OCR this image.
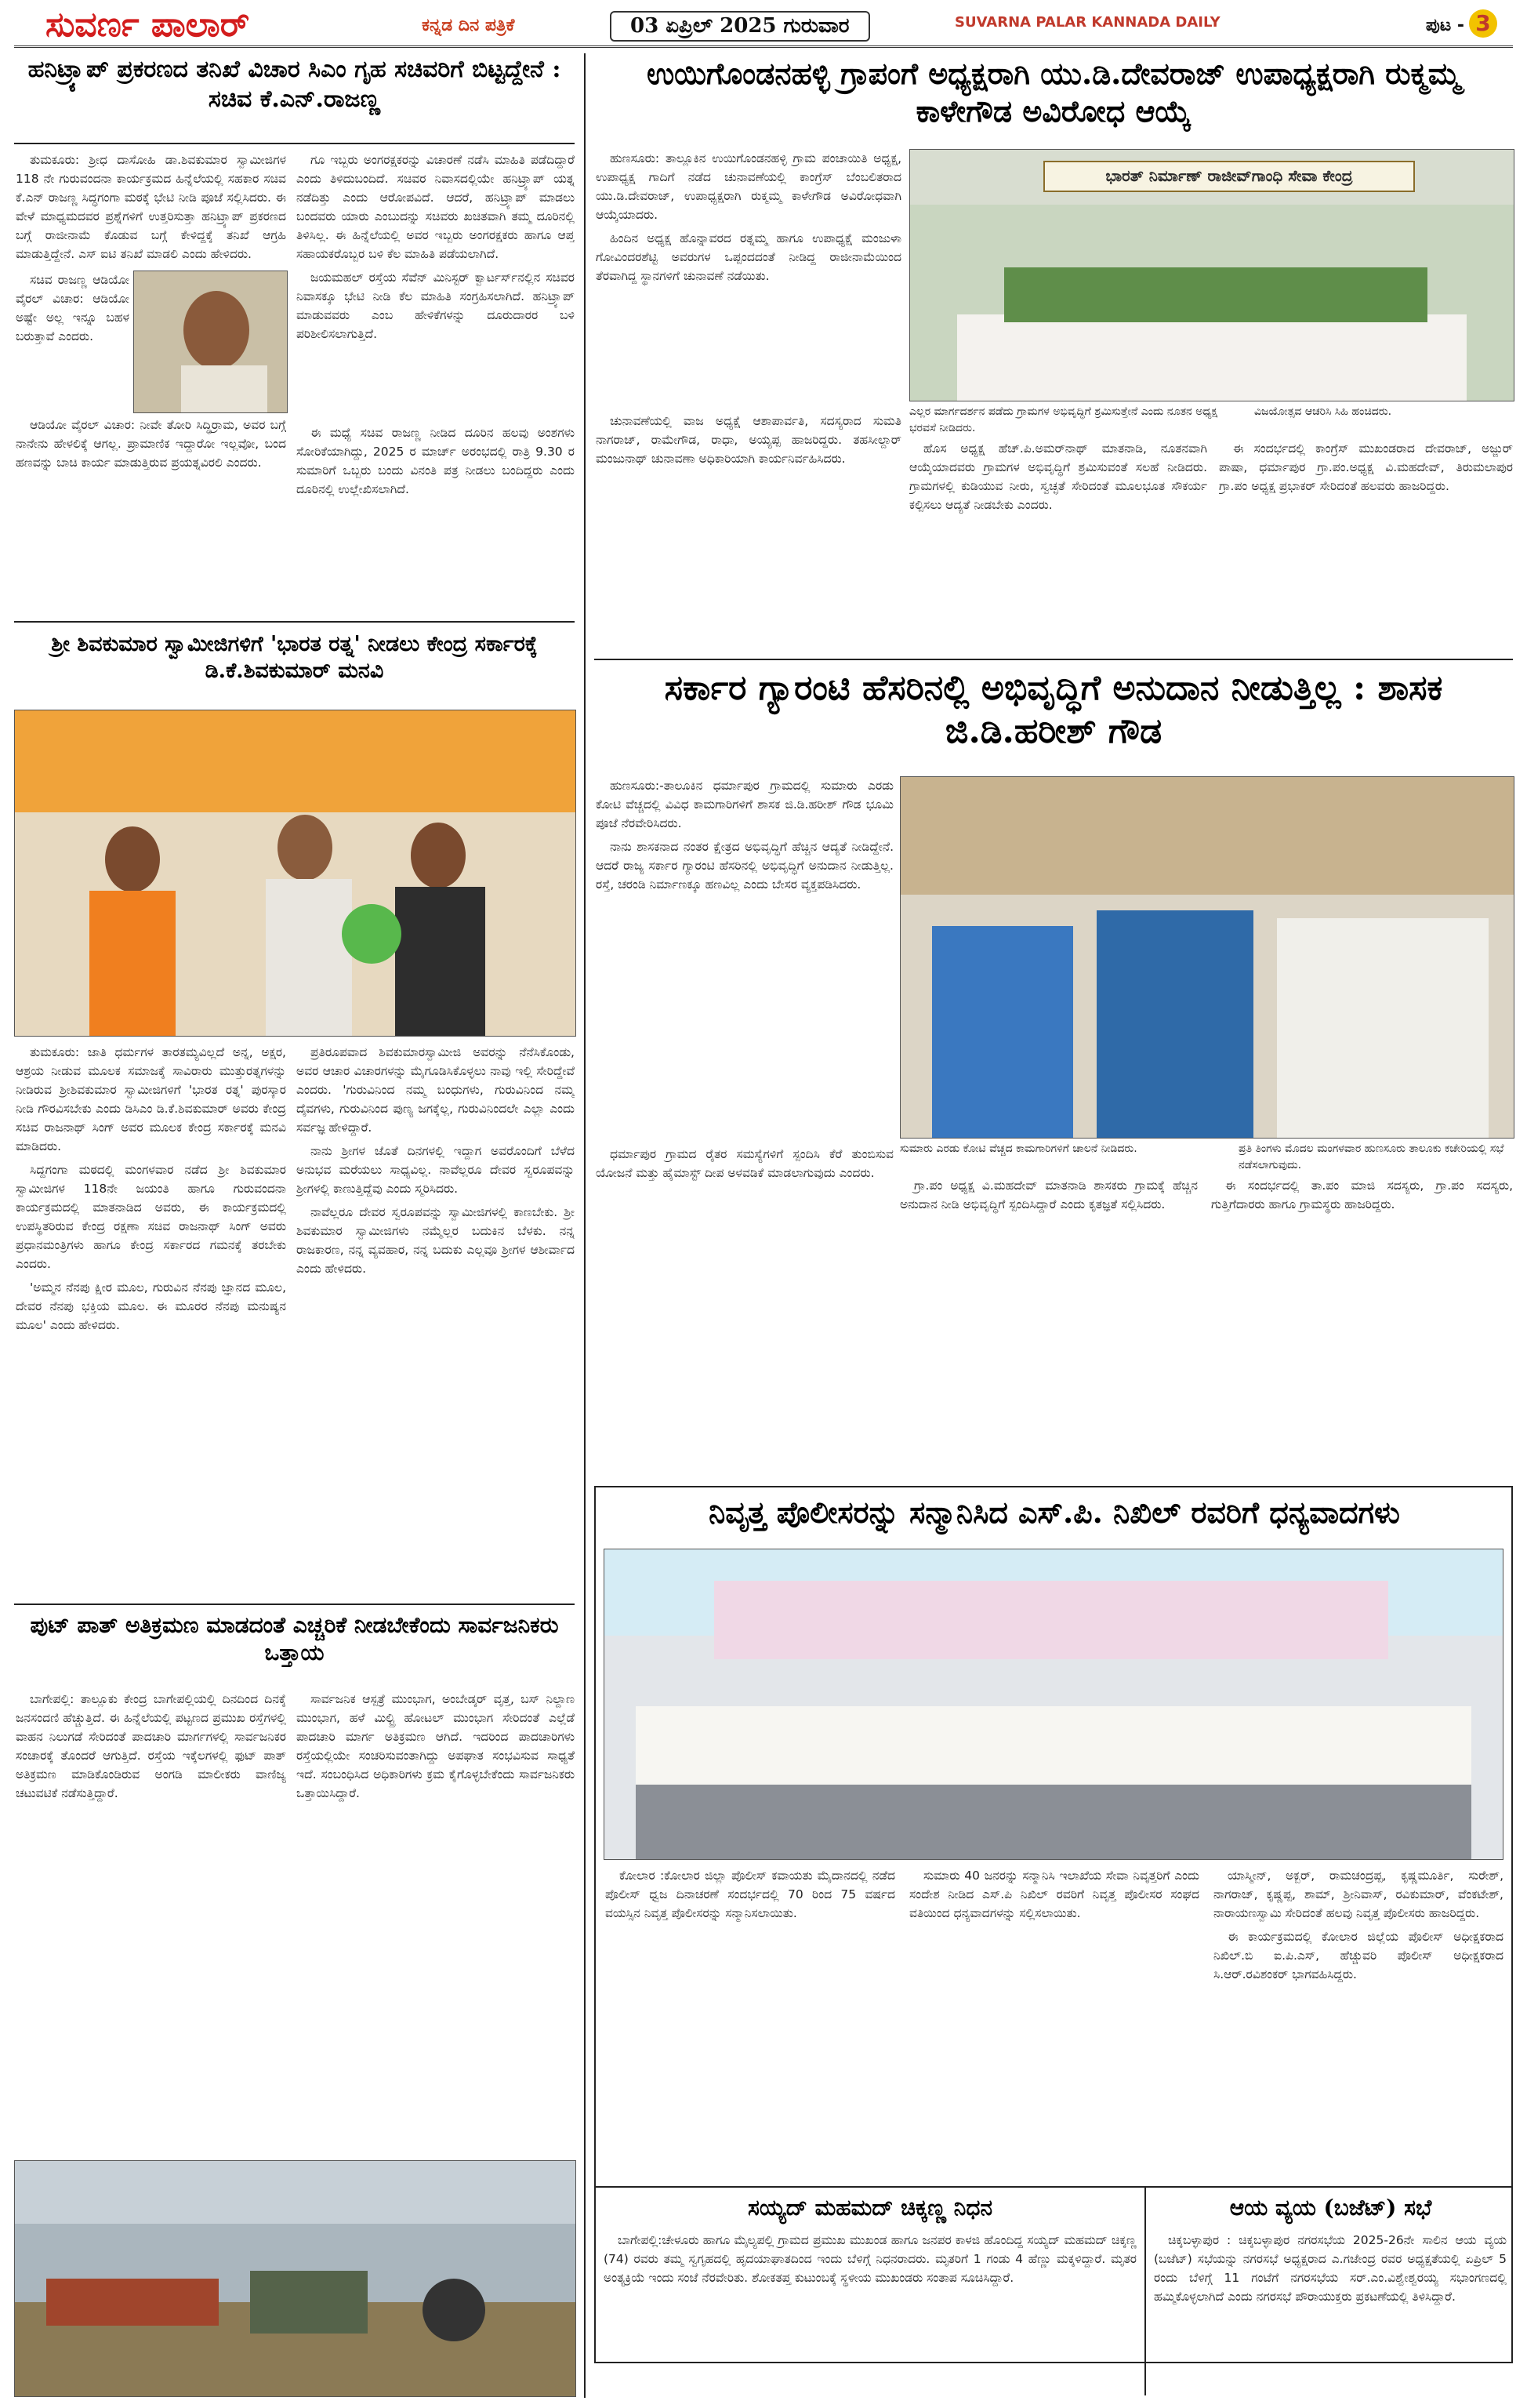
ಸುವರ್ಣ ಪಾಲಾರ್	ಕನ್ನಡ ದಿನ ಪತ್ರಿಕೆ	03 ಏಪ್ರಿಲ್ 2025 ಗುರುವಾರ	SUVARNA PALAR KANNADA DAILY	ಪುಟ - 3
ಹನಿಟ್ರ್ಯಾಪ್ ಪ್ರಕರಣದ ತನಿಖೆ ವಿಚಾರ ಸಿಎಂ ಗೃಹ ಸಚಿವರಿಗೆ ಬಿಟ್ಟದ್ದೇನೆ : ಸಚಿವ ಕೆ.ಎನ್.ರಾಜಣ್ಣ

ತುಮಕೂರು: ಶ್ರೀಧ ದಾಸೋಹಿ ಡಾ.ಶಿವಕುಮಾರ ಸ್ವಾಮೀಜಿಗಳ 118 ನೇ ಗುರುವಂದನಾ ಕಾರ್ಯಕ್ರಮದ ಹಿನ್ನೆಲೆಯಲ್ಲಿ ಸಹಕಾರ ಸಚಿವ ಕೆ.ಎನ್ ರಾಜಣ್ಣ ಸಿದ್ಧಗಂಗಾ ಮಠಕ್ಕೆ ಭೇಟಿ ನೀಡಿ ಪೂಜೆ ಸಲ್ಲಿಸಿದರು. ಈ ವೇಳೆ ಮಾಧ್ಯಮದವರ ಪ್ರಶ್ನೆಗಳಿಗೆ ಉತ್ತರಿಸುತ್ತಾ ಹನಿಟ್ರ್ಯಾಪ್ ಪ್ರಕರಣದ ಬಗ್ಗೆ ರಾಜೀನಾಮೆ ಕೊಡುವ ಬಗ್ಗೆ ಕೇಳಿದ್ದಕ್ಕೆ ತನಿಖೆ ಆಗ್ರಹಿ ಮಾಡುತ್ತಿದ್ದೇನೆ. ಎಸ್ ಐಟಿ ತನಿಖೆ ಮಾಡಲಿ ಎಂದು ಹೇಳಿದರು.

ಸಚಿವ ರಾಜಣ್ಣ ಆಡಿಯೋ ವೈರಲ್ ವಿಚಾರ: ಆಡಿಯೋ ಅಷ್ಟೇ ಅಲ್ಲ ಇನ್ನೂ ಬಹಳ ಬರುತ್ತಾವೆ ಎಂದರು.

ಆಡಿಯೋ ವೈರಲ್ ವಿಚಾರ: ನೀವೇ ತೋರಿ ಸಿದ್ಧಿರ್ರಾಮ, ಅವರ ಬಗ್ಗೆ ನಾನೇನು ಹೇಳಲಿಕ್ಕೆ ಆಗಲ್ಲ. ಪ್ರಾಮಾಣಿಕ ಇದ್ದಾರೋ ಇಲ್ಲವೋ, ಬಂದ ಹಣವನ್ನು ಬಾಚಿ ಕಾರ್ಯ ಮಾಡುತ್ತಿರುವ ಪ್ರಯತ್ನವಿರಲಿ ಎಂದರು.

ಗೂ ಇಬ್ಬರು ಅಂಗರಕ್ಷಕರನ್ನು ವಿಚಾರಣೆ ನಡೆಸಿ ಮಾಹಿತಿ ಪಡೆದಿದ್ದಾರೆ ಎಂದು ತಿಳಿದುಬಂದಿದೆ. ಸಚಿವರ ನಿವಾಸದಲ್ಲಿಯೇ ಹನಿಟ್ರ್ಯಾಪ್ ಯತ್ನ ನಡೆದಿತ್ತು ಎಂದು ಆರೋಪವಿದೆ. ಆದರೆ, ಹನಿಟ್ರ್ಯಾಪ್ ಮಾಡಲು ಬಂದವರು ಯಾರು ಎಂಬುದನ್ನು ಸಚಿವರು ಖಚಿತವಾಗಿ ತಮ್ಮ ದೂರಿನಲ್ಲಿ ತಿಳಿಸಿಲ್ಲ. ಈ ಹಿನ್ನೆಲೆಯಲ್ಲಿ ಅವರ ಇಬ್ಬರು ಅಂಗರಕ್ಷಕರು ಹಾಗೂ ಆಪ್ತ ಸಹಾಯಕರೊಬ್ಬರ ಬಳಿ ಕೆಲ ಮಾಹಿತಿ ಪಡೆಯಲಾಗಿದೆ.

ಜಯಮಹಲ್ ರಸ್ತೆಯ ಸೆವೆನ್ ಮಿನಿಸ್ಟರ್ ಕ್ವಾರ್ಟರ್ಸ್‌ನಲ್ಲಿನ ಸಚಿವರ ನಿವಾಸಕ್ಕೂ ಭೇಟಿ ನೀಡಿ ಕೆಲ ಮಾಹಿತಿ ಸಂಗ್ರಹಿಸಲಾಗಿದೆ. ಹನಿಟ್ರ್ಯಾಪ್ ಮಾಡುವವರು ಎಂಬ ಹೇಳಿಕೆಗಳನ್ನು ದೂರುದಾರರ ಬಳಿ ಪರಿಶೀಲಿಸಲಾಗುತ್ತಿದೆ.

ಈ ಮಧ್ಯೆ ಸಚಿವ ರಾಜಣ್ಣ ನೀಡಿದ ದೂರಿನ ಹಲವು ಅಂಶಗಳು ಸೋರಿಕೆಯಾಗಿದ್ದು, 2025 ರ ಮಾರ್ಚ್ ಅರಂಭದಲ್ಲಿ ರಾತ್ರಿ 9.30 ರ ಸುಮಾರಿಗೆ ಒಬ್ಬರು ಬಂದು ವಿನಂತಿ ಪತ್ರ ನೀಡಲು ಬಂದಿದ್ದರು ಎಂದು ದೂರಿನಲ್ಲಿ ಉಲ್ಲೇಖಿಸಲಾಗಿದೆ.

ಶ್ರೀ ಶಿವಕುಮಾರ ಸ್ವಾಮೀಜಿಗಳಿಗೆ 'ಭಾರತ ರತ್ನ' ನೀಡಲು ಕೇಂದ್ರ ಸರ್ಕಾರಕ್ಕೆ ಡಿ.ಕೆ.ಶಿವಕುಮಾರ್ ಮನವಿ

ತುಮಕೂರು: ಜಾತಿ ಧರ್ಮಗಳ ತಾರತಮ್ಯವಿಲ್ಲದೆ ಅನ್ನ, ಅಕ್ಷರ, ಆಶ್ರಯ ನೀಡುವ ಮೂಲಕ ಸಮಾಜಕ್ಕೆ ಸಾವಿರಾರು ಮುತ್ತುರತ್ನಗಳನ್ನು ನೀಡಿರುವ ಶ್ರೀಶಿವಕುಮಾರ ಸ್ವಾಮೀಜಿಗಳಿಗೆ 'ಭಾರತ ರತ್ನ' ಪುರಸ್ಕಾರ ನೀಡಿ ಗೌರವಿಸಬೇಕು ಎಂದು ಡಿಸಿಎಂ ಡಿ.ಕೆ.ಶಿವಕುಮಾರ್ ಅವರು ಕೇಂದ್ರ ಸಚಿವ ರಾಜನಾಥ್ ಸಿಂಗ್ ಅವರ ಮೂಲಕ ಕೇಂದ್ರ ಸರ್ಕಾರಕ್ಕೆ ಮನವಿ ಮಾಡಿದರು.

ಸಿದ್ದಗಂಗಾ ಮಠದಲ್ಲಿ ಮಂಗಳವಾರ ನಡೆದ ಶ್ರೀ ಶಿವಕುಮಾರ ಸ್ವಾಮೀಜಿಗಳ 118ನೇ ಜಯಂತಿ ಹಾಗೂ ಗುರುವಂದನಾ ಕಾರ್ಯಕ್ರಮದಲ್ಲಿ ಮಾತನಾಡಿದ ಅವರು, ಈ ಕಾರ್ಯಕ್ರಮದಲ್ಲಿ ಉಪಸ್ಥಿತರಿರುವ ಕೇಂದ್ರ ರಕ್ಷಣಾ ಸಚಿವ ರಾಜನಾಥ್ ಸಿಂಗ್ ಅವರು ಪ್ರಧಾನಮಂತ್ರಿಗಳು ಹಾಗೂ ಕೇಂದ್ರ ಸರ್ಕಾರದ ಗಮನಕ್ಕೆ ತರಬೇಕು ಎಂದರು.

'ಅಮ್ಮನ ನೆನಪು ಕ್ಷೀರ ಮೂಲ, ಗುರುವಿನ ನೆನಪು ಜ್ಞಾನದ ಮೂಲ, ದೇವರ ನೆನಪು ಭಕ್ತಿಯ ಮೂಲ. ಈ ಮೂರರ ನೆನಪು ಮನುಷ್ಯನ ಮೂಲ' ಎಂದು ಹೇಳಿದರು.

ಪ್ರತಿರೂಪವಾದ ಶಿವಕುಮಾರಸ್ವಾಮೀಜಿ ಅವರನ್ನು ನೆನೆಸಿಕೊಂಡು, ಅವರ ಆಚಾರ ವಿಚಾರಗಳನ್ನು ಮೈಗೂಡಿಸಿಕೊಳ್ಳಲು ನಾವು ಇಲ್ಲಿ ಸೇರಿದ್ದೇವೆ ಎಂದರು. 'ಗುರುವಿನಿಂದ ನಮ್ಮ ಬಂಧುಗಳು, ಗುರುವಿನಿಂದ ನಮ್ಮ ದೈವಗಳು, ಗುರುವಿನಿಂದ ಪುಣ್ಯ ಜಗಕ್ಕೆಲ್ಲ, ಗುರುವಿನಿಂದಲೇ ಎಲ್ಲಾ ಎಂದು ಸರ್ವಜ್ಞ ಹೇಳಿದ್ದಾರೆ.

ನಾನು ಶ್ರೀಗಳ ಜೊತೆ ದಿನಗಳಲ್ಲಿ ಇದ್ದಾಗ ಅವರೊಂದಿಗೆ ಬೆಳೆದ ಅನುಭವ ಮರೆಯಲು ಸಾಧ್ಯವಿಲ್ಲ. ನಾವೆಲ್ಲರೂ ದೇವರ ಸ್ವರೂಪವನ್ನು ಶ್ರೀಗಳಲ್ಲಿ ಕಾಣುತ್ತಿದ್ದೆವು ಎಂದು ಸ್ಮರಿಸಿದರು.

ನಾವೆಲ್ಲರೂ ದೇವರ ಸ್ವರೂಪವನ್ನು ಸ್ವಾಮೀಜಿಗಳಲ್ಲಿ ಕಾಣಬೇಕು. ಶ್ರೀ ಶಿವಕುಮಾರ ಸ್ವಾಮೀಜಿಗಳು ನಮ್ಮೆಲ್ಲರ ಬದುಕಿನ ಬೆಳಕು. ನನ್ನ ರಾಜಕಾರಣ, ನನ್ನ ವ್ಯವಹಾರ, ನನ್ನ ಬದುಕು ಎಲ್ಲವೂ ಶ್ರೀಗಳ ಆಶೀರ್ವಾದ ಎಂದು ಹೇಳಿದರು.

ಪುಟ್ ಪಾತ್ ಅತಿಕ್ರಮಣ ಮಾಡದಂತೆ ಎಚ್ಚರಿಕೆ ನೀಡಬೇಕೆಂದು ಸಾರ್ವಜನಿಕರು ಒತ್ತಾಯ

ಬಾಗೇಪಲ್ಲಿ: ತಾಲ್ಲೂಕು ಕೇಂದ್ರ ಬಾಗೇಪಲ್ಲಿಯಲ್ಲಿ ದಿನದಿಂದ ದಿನಕ್ಕೆ ಜನಸಂದಣಿ ಹೆಚ್ಚುತ್ತಿದೆ. ಈ ಹಿನ್ನೆಲೆಯಲ್ಲಿ ಪಟ್ಟಣದ ಪ್ರಮುಖ ರಸ್ತೆಗಳಲ್ಲಿ ವಾಹನ ನಿಲುಗಡೆ ಸೇರಿದಂತೆ ಪಾದಚಾರಿ ಮಾರ್ಗಗಳಲ್ಲಿ ಸಾರ್ವಜನಿಕರ ಸಂಚಾರಕ್ಕೆ ತೊಂದರೆ ಆಗುತ್ತಿದೆ. ರಸ್ತೆಯ ಇಕ್ಕೆಲಗಳಲ್ಲಿ ಫುಟ್ ಪಾತ್ ಅತಿಕ್ರಮಣ ಮಾಡಿಕೊಂಡಿರುವ ಅಂಗಡಿ ಮಾಲೀಕರು ವಾಣಿಜ್ಯ ಚಟುವಟಿಕೆ ನಡೆಸುತ್ತಿದ್ದಾರೆ.

ಸಾರ್ವಜನಿಕ ಆಸ್ಪತ್ರೆ ಮುಂಭಾಗ, ಅಂಬೇಡ್ಕರ್ ವೃತ್ತ, ಬಸ್ ನಿಲ್ದಾಣ ಮುಂಭಾಗ, ಹಳೆ ಮಿಲ್ಟ್ರಿ ಹೋಟಲ್ ಮುಂಭಾಗ ಸೇರಿದಂತೆ ಎಲ್ಲೆಡೆ ಪಾದಚಾರಿ ಮಾರ್ಗ ಅತಿಕ್ರಮಣ ಆಗಿದೆ. ಇದರಿಂದ ಪಾದಚಾರಿಗಳು ರಸ್ತೆಯಲ್ಲಿಯೇ ಸಂಚರಿಸುವಂತಾಗಿದ್ದು ಅಪಘಾತ ಸಂಭವಿಸುವ ಸಾಧ್ಯತೆ ಇದೆ. ಸಂಬಂಧಿಸಿದ ಅಧಿಕಾರಿಗಳು ಕ್ರಮ ಕೈಗೊಳ್ಳಬೇಕೆಂದು ಸಾರ್ವಜನಿಕರು ಒತ್ತಾಯಿಸಿದ್ದಾರೆ.

ಉಯಿಗೊಂಡನಹಳ್ಳಿ ಗ್ರಾಪಂಗೆ ಅಧ್ಯಕ್ಷರಾಗಿ ಯು.ಡಿ.ದೇವರಾಜ್ ಉಪಾಧ್ಯಕ್ಷರಾಗಿ ರುಕ್ಮಮ್ಮ ಕಾಳೇಗೌಡ ಅವಿರೋಧ ಆಯ್ಕೆ

ಹುಣಸೂರು: ತಾಲ್ಲೂಕಿನ ಉಯಿಗೊಂಡನಹಳ್ಳಿ ಗ್ರಾಮ ಪಂಚಾಯಿತಿ ಅಧ್ಯಕ್ಷ, ಉಪಾಧ್ಯಕ್ಷ ಗಾದಿಗೆ ನಡೆದ ಚುನಾವಣೆಯಲ್ಲಿ ಕಾಂಗ್ರೆಸ್ ಬೆಂಬಲಿತರಾದ ಯು.ಡಿ.ದೇವರಾಜ್, ಉಪಾಧ್ಯಕ್ಷರಾಗಿ ರುಕ್ಮಮ್ಮ ಕಾಳೇಗೌಡ ಅವಿರೋಧವಾಗಿ ಆಯ್ಕೆಯಾದರು.

ಹಿಂದಿನ ಅಧ್ಯಕ್ಷ ಹೊನ್ನಾವರದ ರತ್ನಮ್ಮ ಹಾಗೂ ಉಪಾಧ್ಯಕ್ಷೆ ಮಂಜುಳಾ ಗೋವಿಂದರಶೆಟ್ಟಿ ಅವರುಗಳ ಒಪ್ಪಂದದಂತೆ ನೀಡಿದ್ದ ರಾಜೀನಾಮೆಯಿಂದ ತೆರವಾಗಿದ್ದ ಸ್ಥಾನಗಳಿಗೆ ಚುನಾವಣೆ ನಡೆಯಿತು.

ಚುನಾವಣೆಯಲ್ಲಿ ವಾಜ ಅಧ್ಯಕ್ಷೆ ಆಶಾಪಾರ್ವತಿ, ಸದಸ್ಯರಾದ ಸುಮತಿ ನಾಗರಾಜ್, ರಾಮೇಗೌಡ, ರಾಧಾ, ಅಯ್ಯಪ್ಪ ಹಾಜರಿದ್ದರು. ತಹಸೀಲ್ದಾರ್ ಮಂಜುನಾಥ್ ಚುನಾವಣಾ ಅಧಿಕಾರಿಯಾಗಿ ಕಾರ್ಯನಿರ್ವಹಿಸಿದರು.

ಭಾರತ್ ನಿರ್ಮಾಣ್ ರಾಜೀವ್‌ಗಾಂಧಿ ಸೇವಾ ಕೇಂದ್ರ
ಎಲ್ಲರ ಮಾರ್ಗದರ್ಶನ ಪಡೆದು ಗ್ರಾಮಗಳ ಅಭಿವೃದ್ಧಿಗೆ ಶ್ರಮಿಸುತ್ತೇನೆ ಎಂದು ನೂತನ ಅಧ್ಯಕ್ಷ ಭರವಸೆ ನೀಡಿದರು.
ವಿಜಯೋತ್ಸವ ಆಚರಿಸಿ ಸಿಹಿ ಹಂಚಿದರು.

ಹೊಸ ಅಧ್ಯಕ್ಷ ಹೆಚ್.ಪಿ.ಅಮರ್‌ನಾಥ್ ಮಾತನಾಡಿ, ನೂತನವಾಗಿ ಆಯ್ಕೆಯಾದವರು ಗ್ರಾಮಗಳ ಅಭಿವೃದ್ಧಿಗೆ ಶ್ರಮಿಸುವಂತೆ ಸಲಹೆ ನೀಡಿದರು. ಗ್ರಾಮಗಳಲ್ಲಿ ಕುಡಿಯುವ ನೀರು, ಸ್ವಚ್ಛತೆ ಸೇರಿದಂತೆ ಮೂಲಭೂತ ಸೌಕರ್ಯ ಕಲ್ಪಿಸಲು ಆದ್ಯತೆ ನೀಡಬೇಕು ಎಂದರು.

ಈ ಸಂದರ್ಭದಲ್ಲಿ ಕಾಂಗ್ರೆಸ್ ಮುಖಂಡರಾದ ದೇವರಾಜ್, ಅಜ್ಜುರ್ ಪಾಷಾ, ಧರ್ಮಾಪುರ ಗ್ರಾ.ಪಂ.ಅಧ್ಯಕ್ಷ ವಿ.ಮಹದೇವ್, ತಿರುಮಲಾಪುರ ಗ್ರಾ.ಪಂ ಅಧ್ಯಕ್ಷ ಪ್ರಭಾಕರ್ ಸೇರಿದಂತೆ ಹಲವರು ಹಾಜರಿದ್ದರು.

ಸರ್ಕಾರ ಗ್ಯಾರಂಟಿ ಹೆಸರಿನಲ್ಲಿ ಅಭಿವೃದ್ಧಿಗೆ ಅನುದಾನ ನೀಡುತ್ತಿಲ್ಲ : ಶಾಸಕ ಜಿ.ಡಿ.ಹರೀಶ್ ಗೌಡ

ಹುಣಸೂರು:-ತಾಲೂಕಿನ ಧರ್ಮಾಪುರ ಗ್ರಾಮದಲ್ಲಿ ಸುಮಾರು ಎರಡು ಕೋಟಿ ವೆಚ್ಚದಲ್ಲಿ ವಿವಿಧ ಕಾಮಗಾರಿಗಳಿಗೆ ಶಾಸಕ ಜಿ.ಡಿ.ಹರೀಶ್ ಗೌಡ ಭೂಮಿ ಪೂಜೆ ನೆರವೇರಿಸಿದರು.

ನಾನು ಶಾಸಕನಾದ ನಂತರ ಕ್ಷೇತ್ರದ ಅಭಿವೃದ್ಧಿಗೆ ಹೆಚ್ಚಿನ ಆದ್ಯತೆ ನೀಡಿದ್ದೇನೆ. ಆದರೆ ರಾಜ್ಯ ಸರ್ಕಾರ ಗ್ಯಾರಂಟಿ ಹೆಸರಿನಲ್ಲಿ ಅಭಿವೃದ್ಧಿಗೆ ಅನುದಾನ ನೀಡುತ್ತಿಲ್ಲ. ರಸ್ತೆ, ಚರಂಡಿ ನಿರ್ಮಾಣಕ್ಕೂ ಹಣವಿಲ್ಲ ಎಂದು ಬೇಸರ ವ್ಯಕ್ತಪಡಿಸಿದರು.

ಸುಮಾರು ಎರಡು ಕೋಟಿ ವೆಚ್ಚದ ಕಾಮಗಾರಿಗಳಿಗೆ ಚಾಲನೆ ನೀಡಿದರು.	ಪ್ರತಿ ತಿಂಗಳು ಮೊದಲ ಮಂಗಳವಾರ ಹುಣಸೂರು ತಾಲೂಕು ಕಚೇರಿಯಲ್ಲಿ ಸಭೆ ನಡೆಸಲಾಗುವುದು.

ಧರ್ಮಾಪುರ ಗ್ರಾಮದ ರೈತರ ಸಮಸ್ಯೆಗಳಿಗೆ ಸ್ಪಂದಿಸಿ ಕೆರೆ ತುಂಬಿಸುವ ಯೋಜನೆ ಮತ್ತು ಹೈಮಾಸ್ಟ್ ದೀಪ ಅಳವಡಿಕೆ ಮಾಡಲಾಗುವುದು ಎಂದರು.

ಗ್ರಾ.ಪಂ ಅಧ್ಯಕ್ಷ ವಿ.ಮಹದೇವ್ ಮಾತನಾಡಿ ಶಾಸಕರು ಗ್ರಾಮಕ್ಕೆ ಹೆಚ್ಚಿನ ಅನುದಾನ ನೀಡಿ ಅಭಿವೃದ್ಧಿಗೆ ಸ್ಪಂದಿಸಿದ್ದಾರೆ ಎಂದು ಕೃತಜ್ಞತೆ ಸಲ್ಲಿಸಿದರು.

ಈ ಸಂದರ್ಭದಲ್ಲಿ ತಾ.ಪಂ ಮಾಜಿ ಸದಸ್ಯರು, ಗ್ರಾ.ಪಂ ಸದಸ್ಯರು, ಗುತ್ತಿಗೆದಾರರು ಹಾಗೂ ಗ್ರಾಮಸ್ಥರು ಹಾಜರಿದ್ದರು.

ನಿವೃತ್ತ ಪೊಲೀಸರನ್ನು ಸನ್ಮಾನಿಸಿದ ಎಸ್.ಪಿ. ನಿಖಿಲ್ ರವರಿಗೆ ಧನ್ಯವಾದಗಳು

ಕೋಲಾರ :ಕೋಲಾರ ಜಿಲ್ಲಾ ಪೊಲೀಸ್ ಕವಾಯತು ಮೈದಾನದಲ್ಲಿ ನಡೆದ ಪೊಲೀಸ್ ಧ್ವಜ ದಿನಾಚರಣೆ ಸಂದರ್ಭದಲ್ಲಿ 70 ರಿಂದ 75 ವರ್ಷದ ವಯಸ್ಸಿನ ನಿವೃತ್ತ ಪೊಲೀಸರನ್ನು ಸನ್ಮಾನಿಸಲಾಯಿತು.

ಸುಮಾರು 40 ಜನರನ್ನು ಸನ್ಮಾನಿಸಿ ಇಲಾಖೆಯ ಸೇವಾ ನಿವೃತ್ತರಿಗೆ ಎಂದು ಸಂದೇಶ ನೀಡಿದ ಎಸ್.ಪಿ ನಿಖಿಲ್ ರವರಿಗೆ ನಿವೃತ್ತ ಪೊಲೀಸರ ಸಂಘದ ವತಿಯಿಂದ ಧನ್ಯವಾದಗಳನ್ನು ಸಲ್ಲಿಸಲಾಯಿತು.

ಯಾಸ್ಮೀನ್, ಅಕ್ಬರ್, ರಾಮಚಂದ್ರಪ್ಪ, ಕೃಷ್ಣಮೂರ್ತಿ, ಸುರೇಶ್, ನಾಗರಾಜ್, ಕೃಷ್ಣಪ್ಪ, ಶಾಮ್, ಶ್ರೀನಿವಾಸ್, ರವಿಕುಮಾರ್, ವೆಂಕಟೇಶ್, ನಾರಾಯಣಸ್ವಾಮಿ ಸೇರಿದಂತೆ ಹಲವು ನಿವೃತ್ತ ಪೊಲೀಸರು ಹಾಜರಿದ್ದರು.

ಈ ಕಾರ್ಯಕ್ರಮದಲ್ಲಿ ಕೋಲಾರ ಜಿಲ್ಲೆಯ ಪೊಲೀಸ್ ಅಧೀಕ್ಷಕರಾದ ನಿಖಿಲ್.ಬಿ ಐ.ಪಿ.ಎಸ್, ಹೆಚ್ಚುವರಿ ಪೊಲೀಸ್ ಅಧೀಕ್ಷಕರಾದ ಸಿ.ಆರ್.ರವಿಶಂಕರ್ ಭಾಗವಹಿಸಿದ್ದರು.

ಸಯ್ಯದ್ ಮಹಮದ್ ಚಿಕ್ಕಣ್ಣ ನಿಧನ

ಬಾಗೇಪಲ್ಲಿ:ಚೇಳೂರು ಹಾಗೂ ಮೈಲ್ಯಪಲ್ಲಿ ಗ್ರಾಮದ ಪ್ರಮುಖ ಮುಖಂಡ ಹಾಗೂ ಜನಪರ ಕಾಳಜಿ ಹೊಂದಿದ್ದ ಸಯ್ಯದ್ ಮಹಮದ್ ಚಿಕ್ಕಣ್ಣ (74) ರವರು ತಮ್ಮ ಸ್ವಗೃಹದಲ್ಲಿ ಹೃದಯಾಘಾತದಿಂದ ಇಂದು ಬೆಳಿಗ್ಗೆ ನಿಧನರಾದರು. ಮೃತರಿಗೆ 1 ಗಂಡು 4 ಹೆಣ್ಣು ಮಕ್ಕಳಿದ್ದಾರೆ. ಮೃತರ ಅಂತ್ಯಕ್ರಿಯೆ ಇಂದು ಸಂಜೆ ನೆರವೇರಿತು. ಶೋಕತಪ್ತ ಕುಟುಂಬಕ್ಕೆ ಸ್ಥಳೀಯ ಮುಖಂಡರು ಸಂತಾಪ ಸೂಚಿಸಿದ್ದಾರೆ.

ಆಯ ವ್ಯಯ (ಬಜೆಟ್) ಸಭೆ

ಚಿಕ್ಕಬಳ್ಳಾಪುರ : ಚಿಕ್ಕಬಳ್ಳಾಪುರ ನಗರಸಭೆಯ 2025-26ನೇ ಸಾಲಿನ ಆಯ ವ್ಯಯ (ಬಜೆಟ್) ಸಭೆಯನ್ನು ನಗರಸಭೆ ಅಧ್ಯಕ್ಷರಾದ ಎ.ಗಜೇಂದ್ರ ರವರ ಅಧ್ಯಕ್ಷತೆಯಲ್ಲಿ ಏಪ್ರಿಲ್ 5 ರಂದು ಬೆಳಿಗ್ಗೆ 11 ಗಂಟೆಗೆ ನಗರಸಭೆಯ ಸರ್.ಎಂ.ವಿಶ್ವೇಶ್ವರಯ್ಯ ಸಭಾಂಗಣದಲ್ಲಿ ಹಮ್ಮಿಕೊಳ್ಳಲಾಗಿದೆ ಎಂದು ನಗರಸಭೆ ಪೌರಾಯುಕ್ತರು ಪ್ರಕಟಣೆಯಲ್ಲಿ ತಿಳಿಸಿದ್ದಾರೆ.
